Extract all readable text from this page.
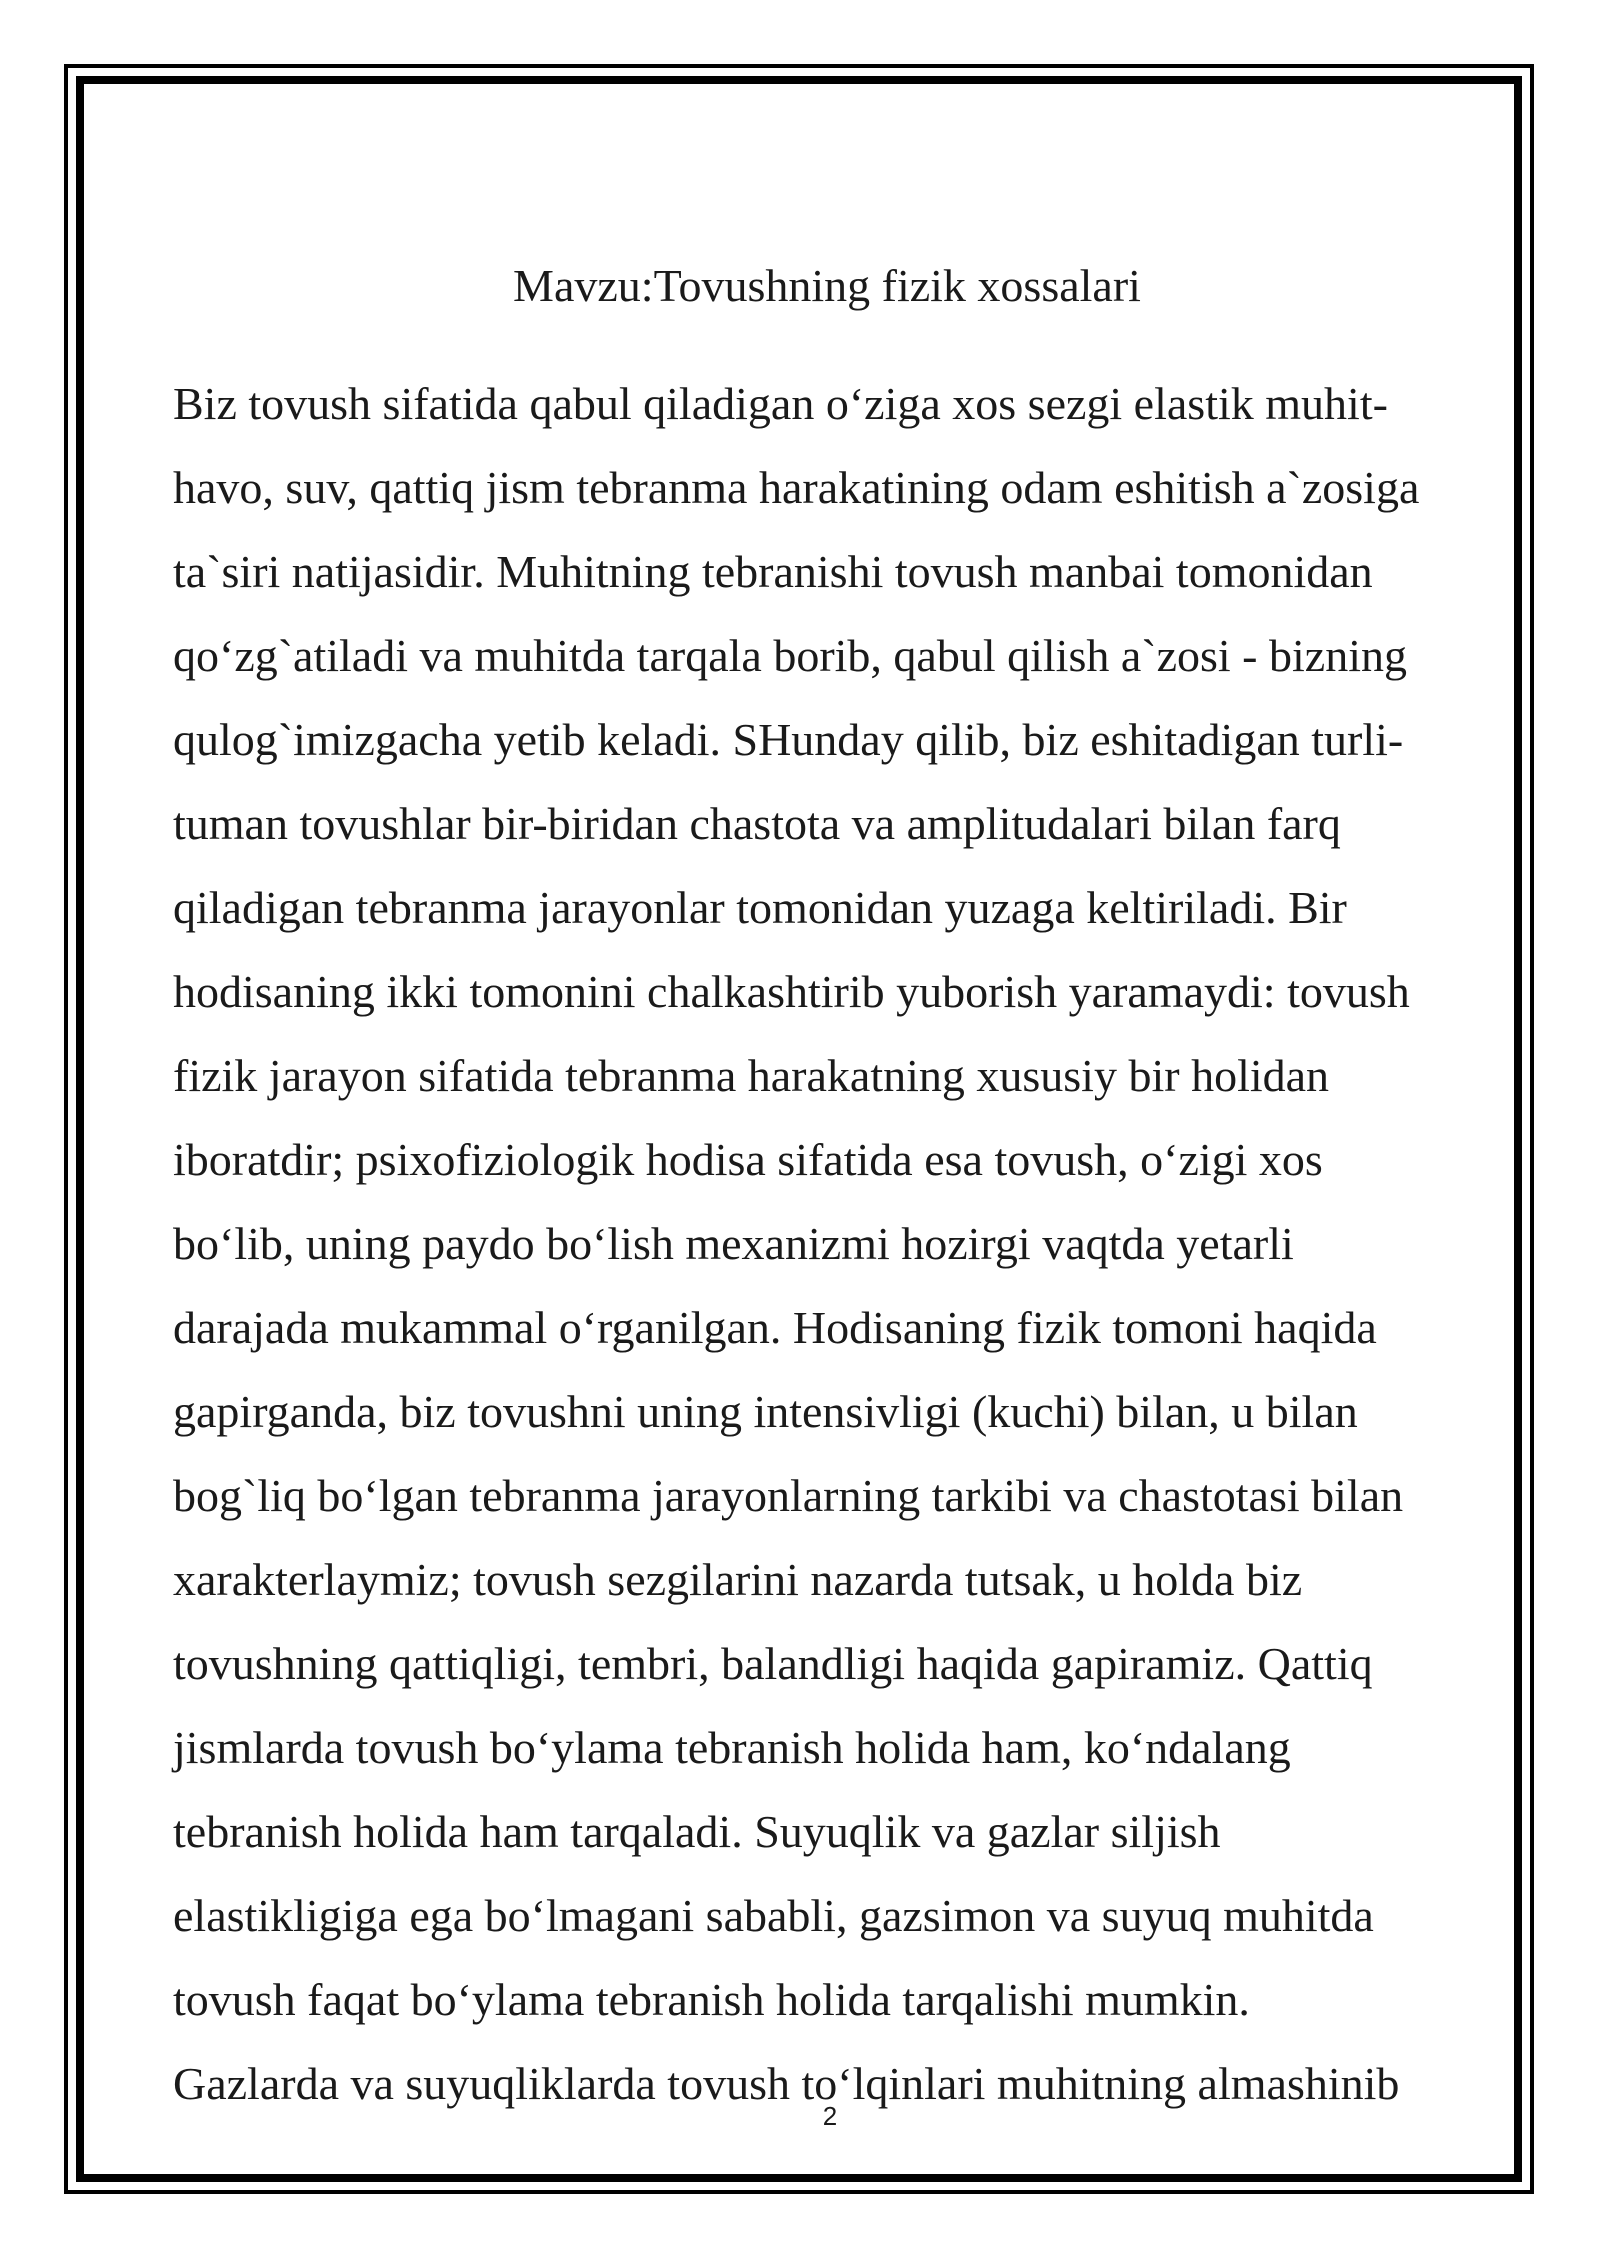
Mavzu:Tovushning fizik xossalari
Biz tovush sifatida qabul qiladigan o‘ziga xos sezgi elastik muhit-
havo, suv, qattiq jism tebranma harakatining odam eshitish a`zosiga
ta`siri natijasidir. Muhitning tebranishi tovush manbai tomonidan
qo‘zg`atiladi va muhitda tarqala borib, qabul qilish a`zosi - bizning
qulog`imizgacha yetib keladi. SHunday qilib, biz eshitadigan turli-
tuman tovushlar bir-biridan chastota va amplitudalari bilan farq
qiladigan tebranma jarayonlar tomonidan yuzaga keltiriladi. Bir
hodisaning ikki tomonini chalkashtirib yuborish yaramaydi: tovush
fizik jarayon sifatida tebranma harakatning xususiy bir holidan
iboratdir; psixofiziologik hodisa sifatida esa tovush, o‘zigi xos
bo‘lib, uning paydo bo‘lish mexanizmi hozirgi vaqtda yetarli
darajada mukammal o‘rganilgan. Hodisaning fizik tomoni haqida
gapirganda, biz tovushni uning intensivligi (kuchi) bilan, u bilan
bog`liq bo‘lgan tebranma jarayonlarning tarkibi va chastotasi bilan
xarakterlaymiz; tovush sezgilarini nazarda tutsak, u holda biz
tovushning qattiqligi, tembri, balandligi haqida gapiramiz. Qattiq
jismlarda tovush bo‘ylama tebranish holida ham, ko‘ndalang
tebranish holida ham tarqaladi. Suyuqlik va gazlar siljish
elastikligiga ega bo‘lmagani sababli, gazsimon va suyuq muhitda
tovush faqat bo‘ylama tebranish holida tarqalishi mumkin.
Gazlarda va suyuqliklarda tovush to‘lqinlari muhitning almashinib
2
